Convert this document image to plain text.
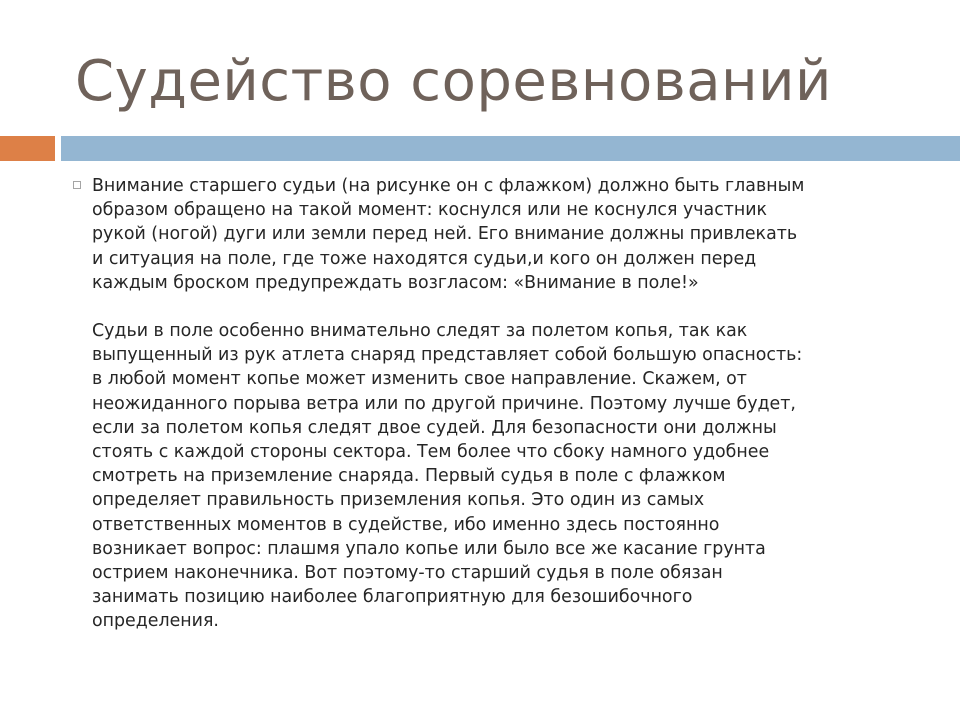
Судейство соревнований

Внимание старшего судьи (на рисунке он с флажком) должно быть главным
образом обращено на такой момент: коснулся или не коснулся участник
рукой (ногой) дуги или земли перед ней. Его внимание должны привлекать
и ситуация на поле, где тоже находятся судьи,и кого он должен перед
каждым броском предупреждать возгласом: «Внимание в поле!»

Судьи в поле особенно внимательно следят за полетом копья, так как
выпущенный из рук атлета снаряд представляет собой большую опасность:
в любой момент копье может изменить свое направление. Скажем, от
неожиданного порыва ветра или по другой причине. Поэтому лучше будет,
если за полетом копья следят двое судей. Для безопасности они должны
стоять с каждой стороны сектора. Тем более что сбоку намного удобнее
смотреть на приземление снаряда. Первый судья в поле с флажком
определяет правильность приземления копья. Это один из самых
ответственных моментов в судействе, ибо именно здесь постоянно
возникает вопрос: плашмя упало копье или было все же касание грунта
острием наконечника. Вот поэтому-то старший судья в поле обязан
занимать позицию наиболее благоприятную для безошибочного
определения.
